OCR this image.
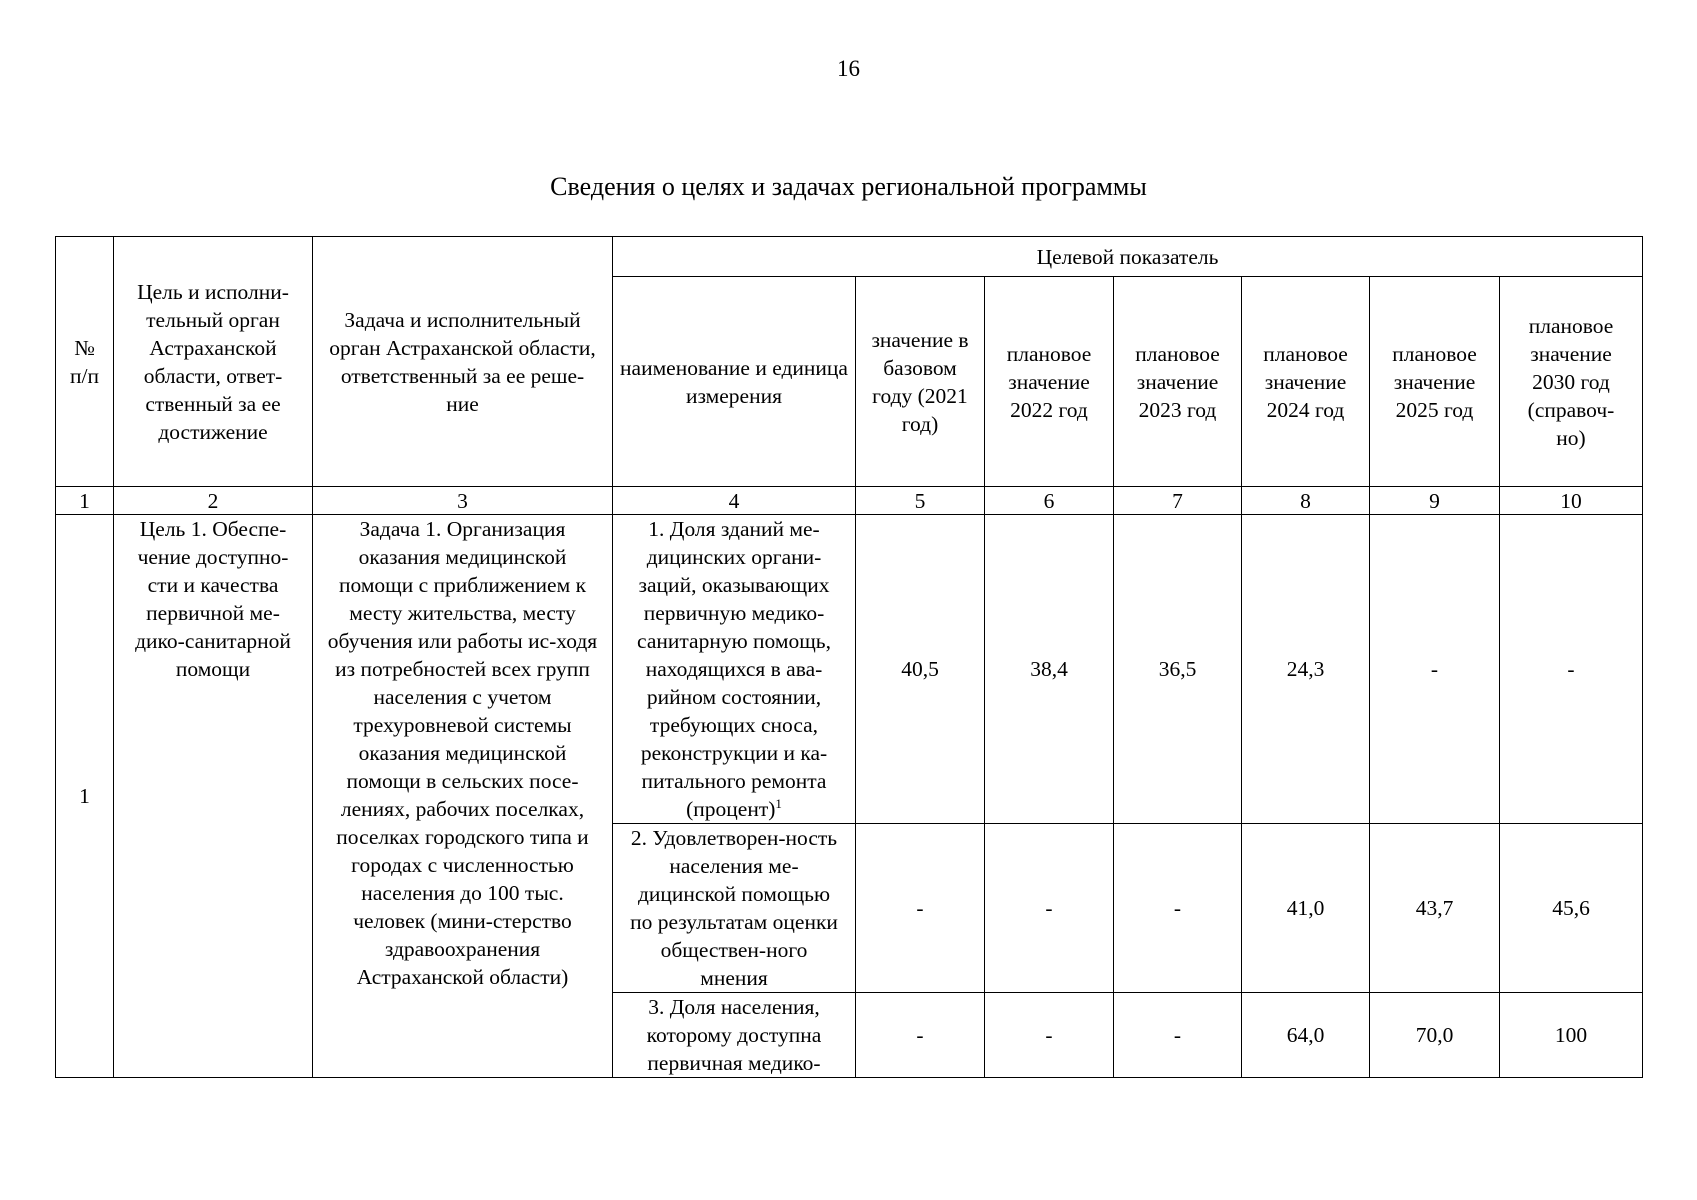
16
Сведения о целях и задачах региональной программы
№ п/п	Цель и исполни-тельный орган Астраханской области, ответ-ственный за ее достижение	Задача и исполнительный орган Астраханской области, ответственный за ее реше-ние	Целевой показатель						
			наименование и единица измерения	значение в базовом году (2021 год)	плановое значение 2022 год	плановое значение 2023 год	плановое значение 2024 год	плановое значение 2025 год	плановое значение 2030 год (справоч-но)
1	2	3	4	5	6	7	8	9	10
1	Цель 1. Обеспе-чение доступно-сти и качества первичной ме-дико-санитарной помощи	Задача 1. Организация оказания медицинской помощи с приближением к месту жительства, месту обучения или работы ис-ходя из потребностей всех групп населения с учетом трехуровневой системы оказания медицинской помощи в сельских посе-лениях, рабочих поселках, поселках городского типа и городах с численностью населения до 100 тыс. человек (мини-стерство здравоохранения Астраханской области)	1. Доля зданий ме-дицинских органи-заций, оказывающих первичную медико-санитарную помощь, находящихся в ава-рийном состоянии, требующих сноса, реконструкции и ка-питального ремонта (процент)$^1$	40,5	38,4	36,5	24,3	-	-
			2. Удовлетворен-ность населения ме-дицинской помощью по результатам оценки обществен-ного мнения	-	-	-	41,0	43,7	45,6

			3. Доля населения, которому доступна первичная медико-	-	-	-	64,0	70,0	100
